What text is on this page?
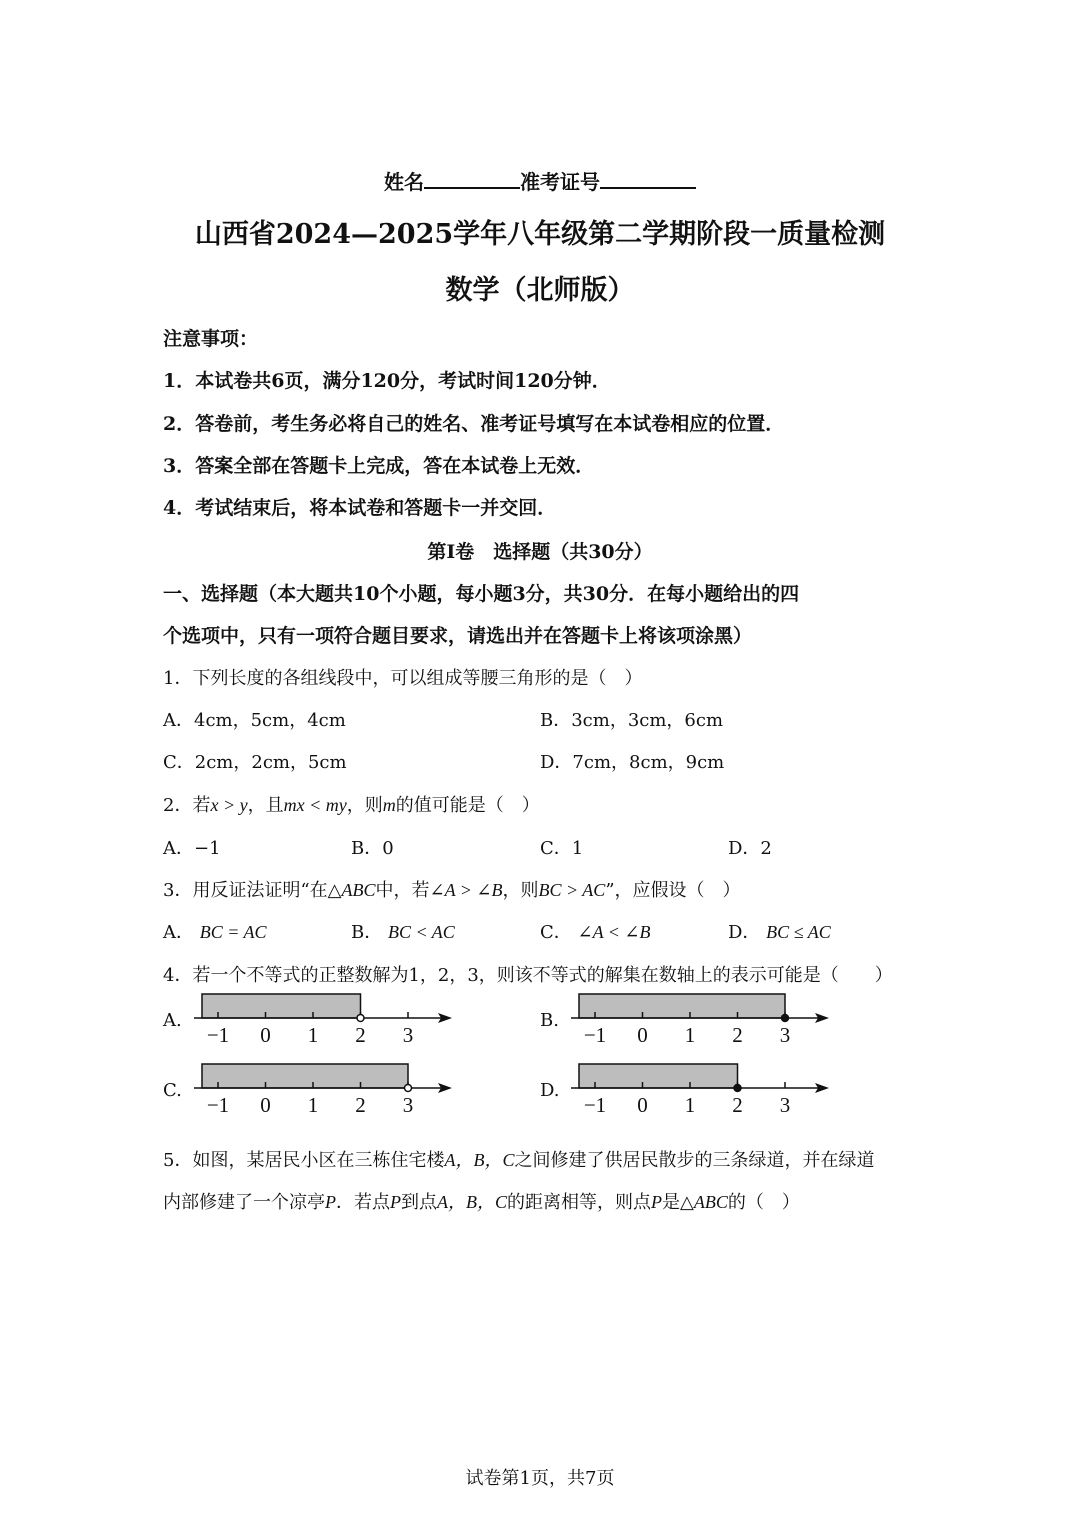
姓名	准考证号
山西省2024—2025学年八年级第二学期阶段一质量检测
数学（北师版）
注意事项：
1．本试卷共6页，满分120分，考试时间120分钟．
2．答卷前，考生务必将自己的姓名、准考证号填写在本试卷相应的位置．
3．答案全部在答题卡上完成，答在本试卷上无效．
4．考试结束后，将本试卷和答题卡一并交回．
第I卷　选择题（共30分）
一、选择题（本大题共10个小题，每小题3分，共30分．在每小题给出的四
个选项中，只有一项符合题目要求，请选出并在答题卡上将该项涂黑）
1．下列长度的各组线段中，可以组成等腰三角形的是（　）
A．4cm，5cm，4cm	B．3cm，3cm，6cm
C．2cm，2cm，5cm	D．7cm，8cm，9cm
2．若x > y，且mx < my，则m的值可能是（　）
A．−1	B．0	C．1	D．2
3．用反证法证明“在△ABC中，若∠A > ∠B，则BC > AC”，应假设（　）
A． BC = AC	B． BC < AC	C． ∠A < ∠B	D． BC ≤ AC
4．若一个不等式的正整数解为1，2，3，则该不等式的解集在数轴上的表示可能是（　　）
A.
−1 0 1 2 3
B.
−1 0 1 2 3
C.
−1 0 1 2 3
D.
−1 0 1 2 3
5．如图，某居民小区在三栋住宅楼A，B，C之间修建了供居民散步的三条绿道，并在绿道
内部修建了一个凉亭P．若点P到点A，B，C的距离相等，则点P是△ABC的（　）
试卷第1页，共7页
